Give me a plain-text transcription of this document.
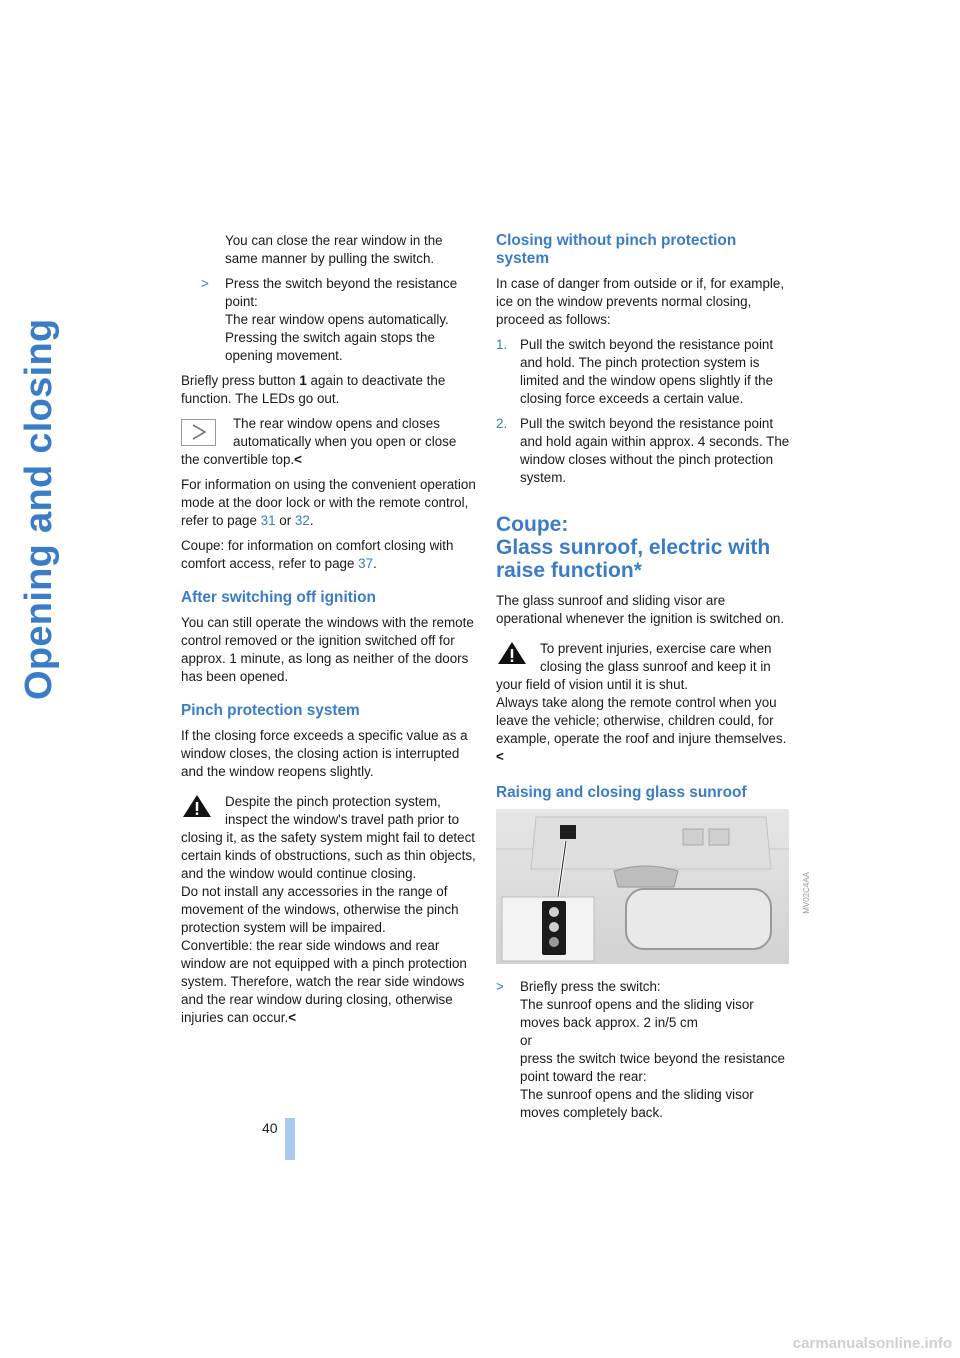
Opening and closing
40

You can close the rear window in the same manner by pulling the switch.

> Press the switch beyond the resistance point:
The rear window opens automatically. Pressing the switch again stops the opening movement.

Briefly press button 1 again to deactivate the function. The LEDs go out.

The rear window opens and closes automatically when you open or close the convertible top.<

For information on using the convenient operation mode at the door lock or with the remote control, refer to page 31 or 32.

Coupe: for information on comfort closing with comfort access, refer to page 37.

After switching off ignition

You can still operate the windows with the remote control removed or the ignition switched off for approx. 1 minute, as long as neither of the doors has been opened.

Pinch protection system

If the closing force exceeds a specific value as a window closes, the closing action is interrupted and the window reopens slightly.

Despite the pinch protection system, inspect the window's travel path prior to closing it, as the safety system might fail to detect certain kinds of obstructions, such as thin objects, and the window would continue closing.
Do not install any accessories in the range of movement of the windows, otherwise the pinch protection system will be impaired.
Convertible: the rear side windows and rear window are not equipped with a pinch protection system. Therefore, watch the rear side windows and the rear window during closing, otherwise injuries can occur.<
Closing without pinch protection system

In case of danger from outside or if, for example, ice on the window prevents normal closing, proceed as follows:

1. Pull the switch beyond the resistance point and hold. The pinch protection system is limited and the window opens slightly if the closing force exceeds a certain value.
2. Pull the switch beyond the resistance point and hold again within approx. 4 seconds. The window closes without the pinch protection system.
Coupe:
Glass sunroof, electric with raise function*

The glass sunroof and sliding visor are operational whenever the ignition is switched on.

To prevent injuries, exercise care when closing the glass sunroof and keep it in your field of vision until it is shut.
Always take along the remote control when you leave the vehicle; otherwise, children could, for example, operate the roof and injure themselves.<
Raising and closing glass sunroof
> Briefly press the switch:
The sunroof opens and the sliding visor moves back approx. 2 in/5 cm
or
press the switch twice beyond the resistance point toward the rear:
The sunroof opens and the sliding visor moves completely back.
MV02C4AA
carmanualsonline.info
